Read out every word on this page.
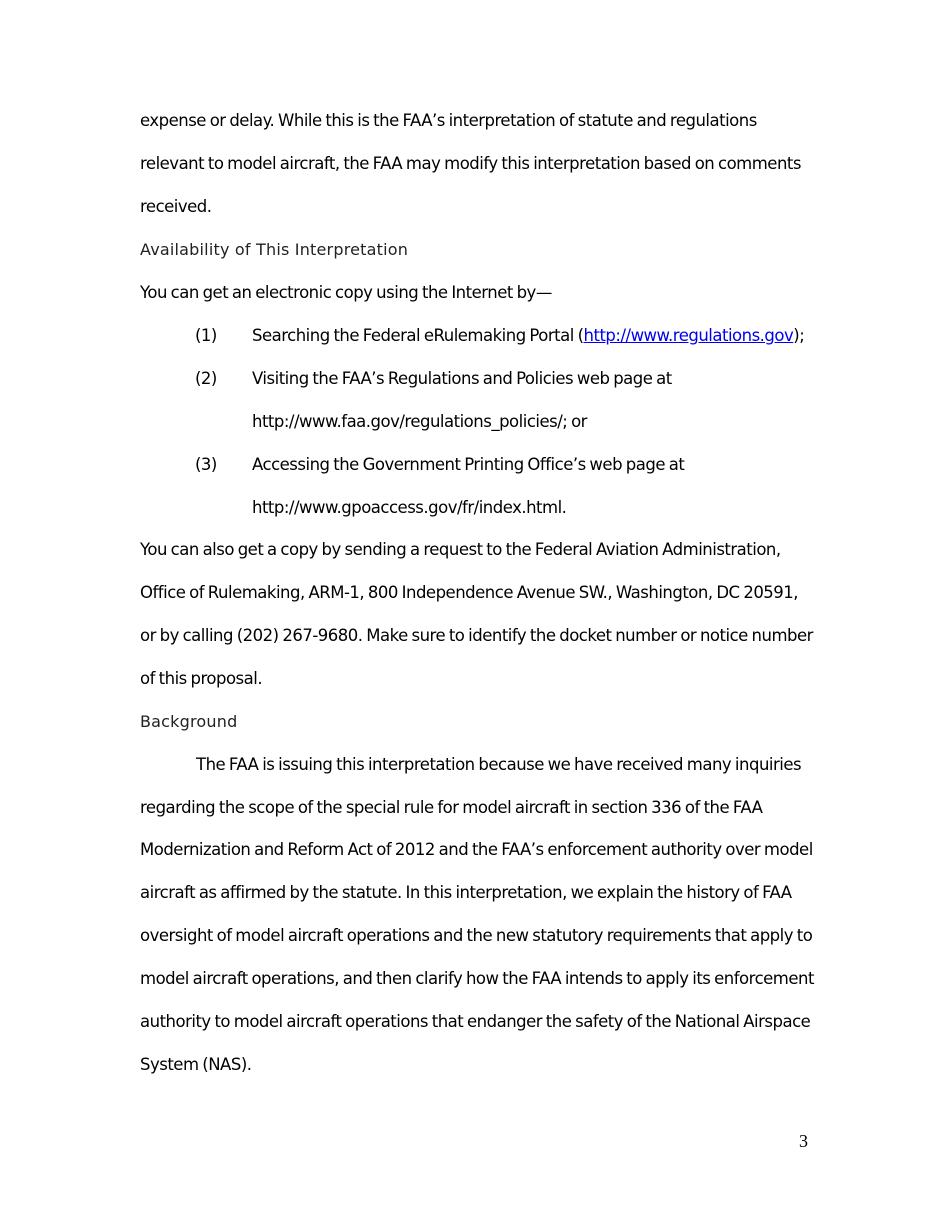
expense or delay. While this is the FAA’s interpretation of statute and regulations
relevant to model aircraft, the FAA may modify this interpretation based on comments
received.
Availability of This Interpretation
You can get an electronic copy using the Internet by—
(1) Searching the Federal eRulemaking Portal (http://www.regulations.gov);
(2) Visiting the FAA’s Regulations and Policies web page at
http://www.faa.gov/regulations_policies/; or
(3) Accessing the Government Printing Office’s web page at
http://www.gpoaccess.gov/fr/index.html.
You can also get a copy by sending a request to the Federal Aviation Administration,
Office of Rulemaking, ARM-1, 800 Independence Avenue SW., Washington, DC 20591,
or by calling (202) 267-9680. Make sure to identify the docket number or notice number
of this proposal.
Background
The FAA is issuing this interpretation because we have received many inquiries
regarding the scope of the special rule for model aircraft in section 336 of the FAA
Modernization and Reform Act of 2012 and the FAA’s enforcement authority over model
aircraft as affirmed by the statute. In this interpretation, we explain the history of FAA
oversight of model aircraft operations and the new statutory requirements that apply to
model aircraft operations, and then clarify how the FAA intends to apply its enforcement
authority to model aircraft operations that endanger the safety of the National Airspace
System (NAS).
3
